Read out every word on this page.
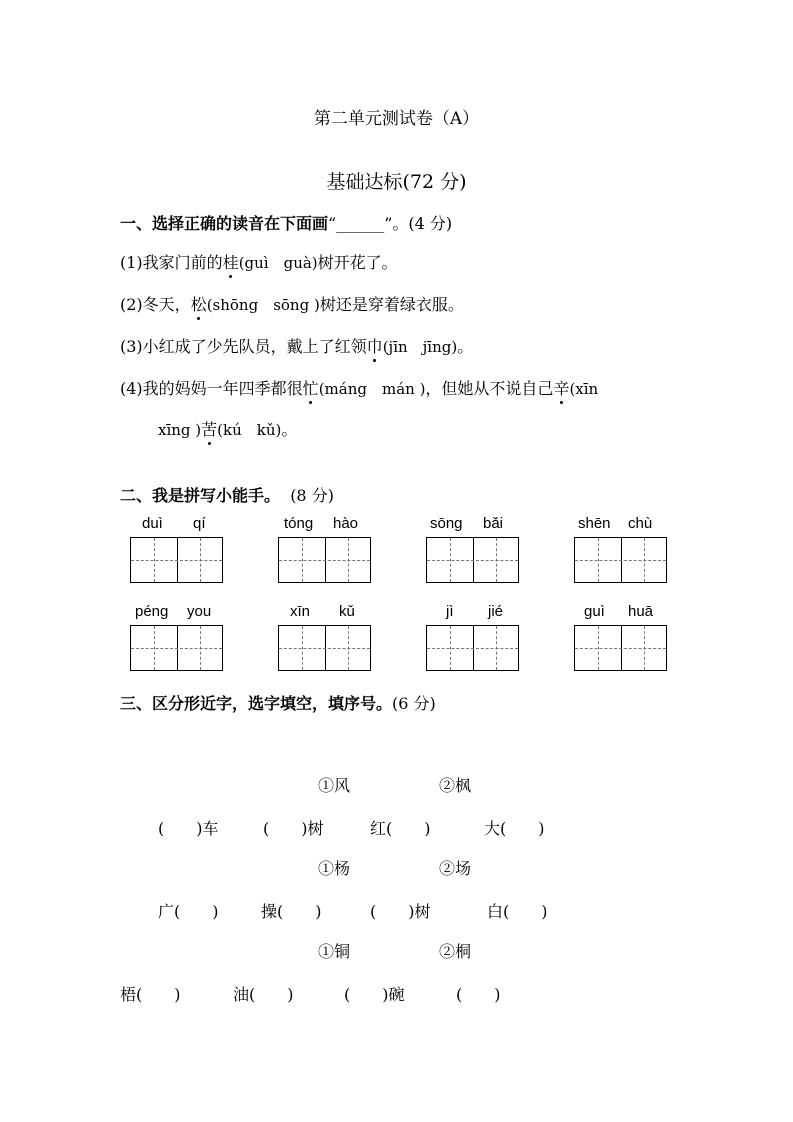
第二单元测试卷（A）
基础达标(72 分)
一、选择正确的读音在下面画“______”。(4 分)
(1)我家门前的桂(guì　guà)树开花了。
(2)冬天，松(shōng　sōng )树还是穿着绿衣服。
(3)小红成了少先队员，戴上了红领巾(jīn　jīng)。
(4)我的妈妈一年四季都很忙(máng　mán )，但她从不说自己辛(xīn
xīng )苦(kú　kǔ)。
二、我是拼写小能手。 (8 分)
duì qí	tóng hào	sōng bǎi	shēn chù
péng you	xīn kǔ	jì jié	guì huā
三、区分形近字，选字填空，填序号。(6 分)
①风	②枫
(　　)车	(　　)树	红(　　)	大(　　)
①杨	②场
广(　　)	操(　　)	(　　)树	白(　　)
①铜	②桐
梧(　　)	油(　　)	(　　)碗	(　　)
